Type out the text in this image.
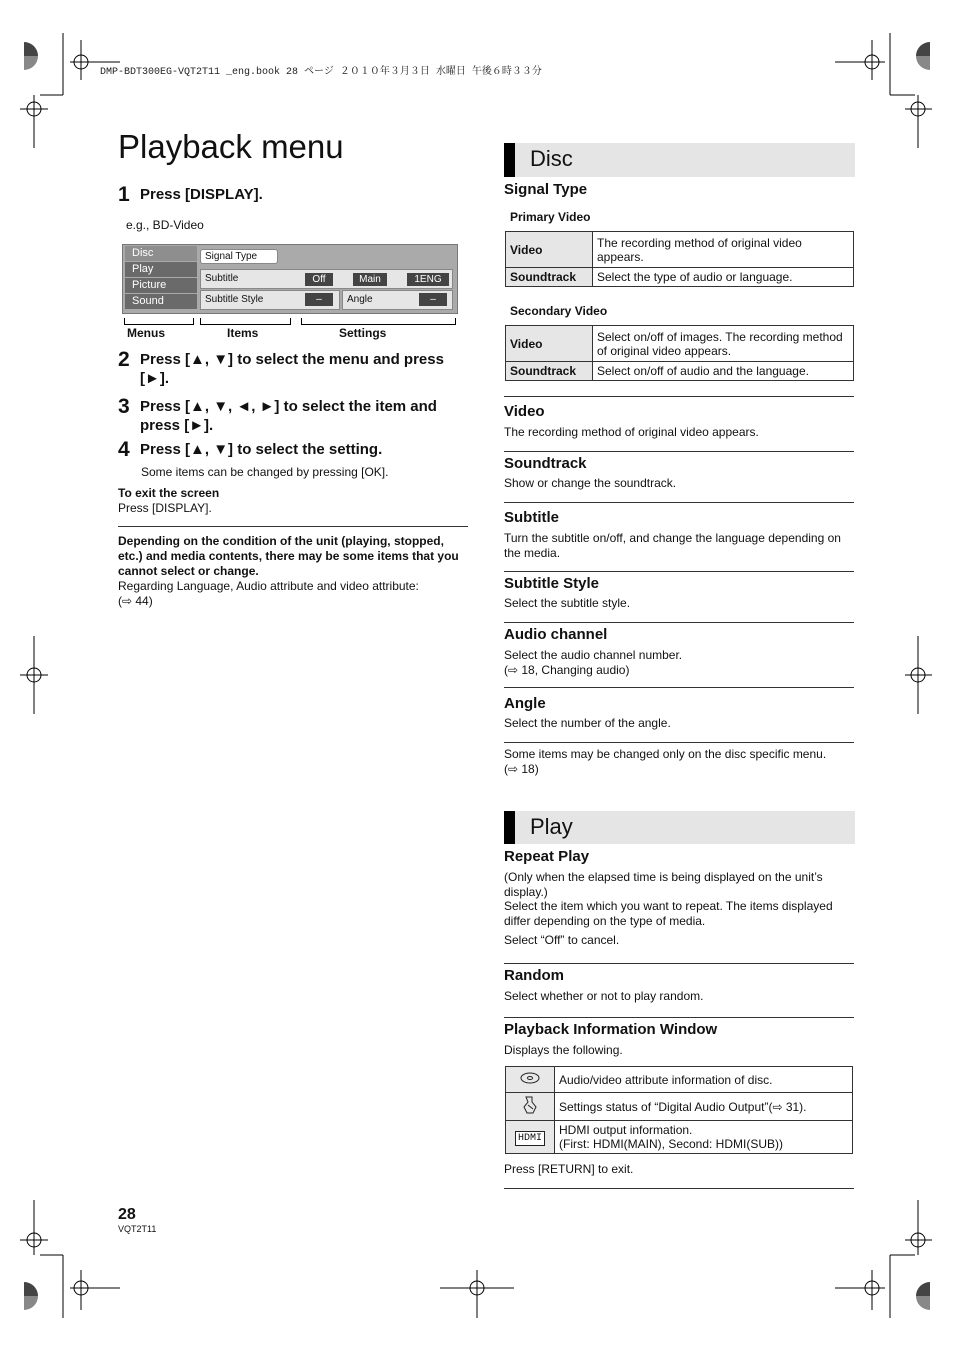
DMP-BDT300EG-VQT2T11 _eng.book 28 ページ ２０１０年３月３日 水曜日 午後６時３３分
Playback menu
1 Press [DISPLAY].
e.g., BD-Video
Disc
Play
Picture
Sound
Signal Type
Subtitle	Off	Main	1ENG
Subtitle Style	–	Angle	–
Menus	Items	Settings
2 Press [▲, ▼] to select the menu and press [►].
3 Press [▲, ▼, ◄, ►] to select the item and press [►].
4 Press [▲, ▼] to select the setting.
Some items can be changed by pressing [OK].
To exit the screen
Press [DISPLAY].
Depending on the condition of the unit (playing, stopped, etc.) and media contents, there may be some items that you cannot select or change.
Regarding Language, Audio attribute and video attribute:
(⇨ 44)
Disc
Signal Type
Primary Video
Video	The recording method of original video appears.
Soundtrack	Select the type of audio or language.
Secondary Video
Video	Select on/off of images. The recording method of original video appears.
Soundtrack	Select on/off of audio and the language.
Video
The recording method of original video appears.
Soundtrack
Show or change the soundtrack.
Subtitle
Turn the subtitle on/off, and change the language depending on the media.
Subtitle Style
Select the subtitle style.
Audio channel
Select the audio channel number.
(⇨ 18, Changing audio)
Angle
Select the number of the angle.
Some items may be changed only on the disc specific menu.
(⇨ 18)
Play
Repeat Play
(Only when the elapsed time is being displayed on the unit’s display.)
Select the item which you want to repeat. The items displayed differ depending on the type of media.
Select “Off” to cancel.
Random
Select whether or not to play random.
Playback Information Window
Displays the following.
	Audio/video attribute information of disc.
	Settings status of “Digital Audio Output”(⇨ 31).
HDMI	HDMI output information.
(First: HDMI(MAIN), Second: HDMI(SUB))
Press [RETURN] to exit.
28
VQT2T11
